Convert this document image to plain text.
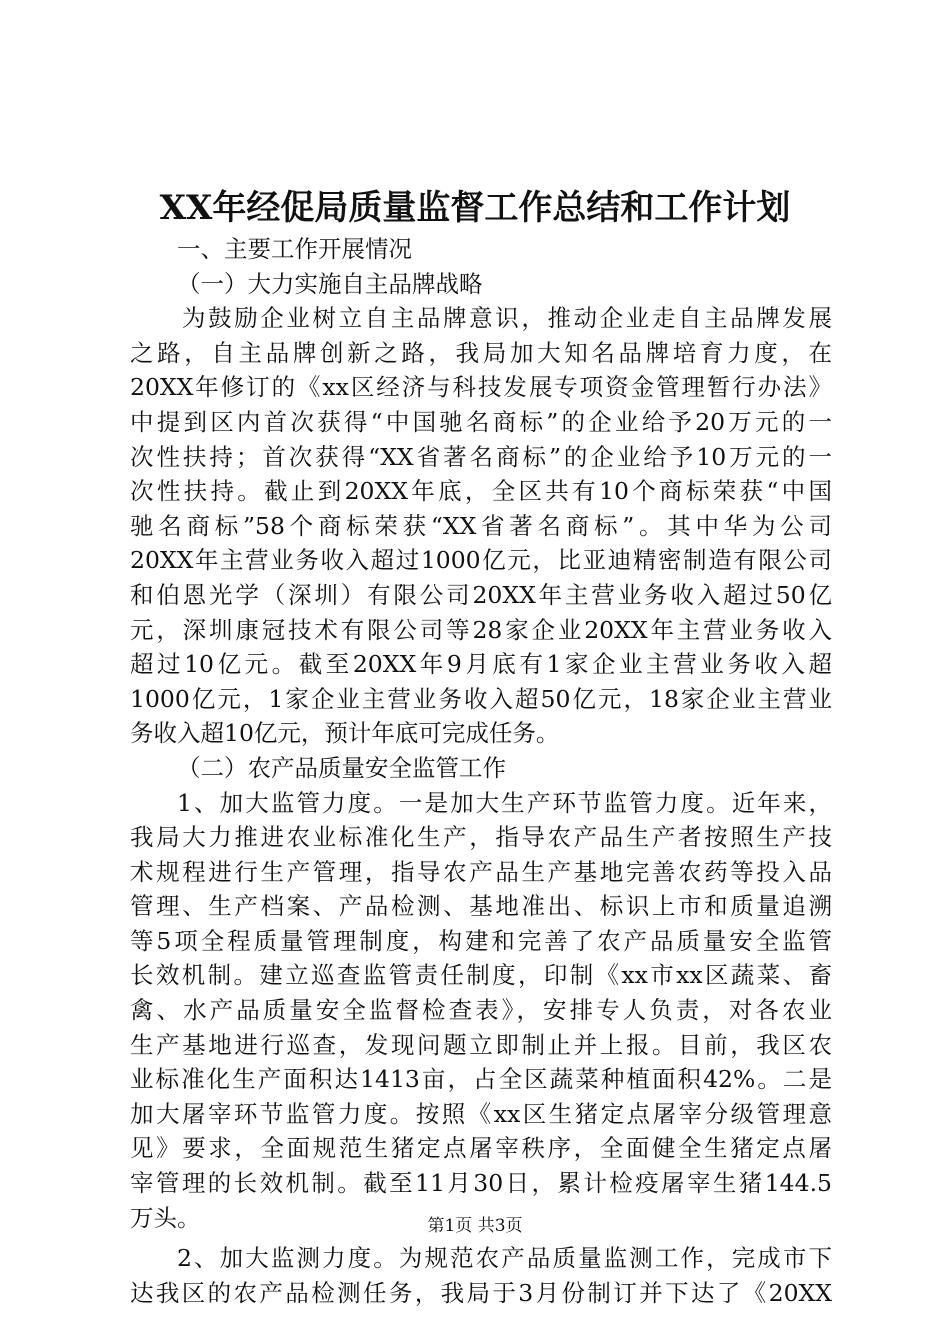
XX年经促局质量监督工作总结和工作计划
一、主要工作开展情况
（一）大力实施自主品牌战略
为鼓励企业树立自主品牌意识，推动企业走自主品牌发展
之路，自主品牌创新之路，我局加大知名品牌培育力度，在
20XX年修订的《xx区经济与科技发展专项资金管理暂行办法》
中提到区内首次获得“中国驰名商标”的企业给予20万元的一
次性扶持；首次获得“XX省著名商标”的企业给予10万元的一
次性扶持。截止到20XX年底，全区共有10个商标荣获“中国
驰名商标”58个商标荣获“XX省著名商标”。其中华为公司
20XX年主营业务收入超过1000亿元，比亚迪精密制造有限公司
和伯恩光学（深圳）有限公司20XX年主营业务收入超过50亿
元，深圳康冠技术有限公司等28家企业20XX年主营业务收入
超过10亿元。截至20XX年9月底有1家企业主营业务收入超
1000亿元，1家企业主营业务收入超50亿元，18家企业主营业
务收入超10亿元，预计年底可完成任务。
（二）农产品质量安全监管工作
1、加大监管力度。一是加大生产环节监管力度。近年来，
我局大力推进农业标准化生产，指导农产品生产者按照生产技
术规程进行生产管理，指导农产品生产基地完善农药等投入品
管理、生产档案、产品检测、基地准出、标识上市和质量追溯
等5项全程质量管理制度，构建和完善了农产品质量安全监管
长效机制。建立巡查监管责任制度，印制《xx市xx区蔬菜、畜
禽、水产品质量安全监督检查表》，安排专人负责，对各农业
生产基地进行巡查，发现问题立即制止并上报。目前，我区农
业标准化生产面积达1413亩，占全区蔬菜种植面积42%。二是
加大屠宰环节监管力度。按照《xx区生猪定点屠宰分级管理意
见》要求，全面规范生猪定点屠宰秩序，全面健全生猪定点屠
宰管理的长效机制。截至11月30日，累计检疫屠宰生猪144.5
万头。
2、加大监测力度。为规范农产品质量监测工作，完成市下
达我区的农产品检测任务，我局于3月份制订并下达了《20XX
第1页 共3页
